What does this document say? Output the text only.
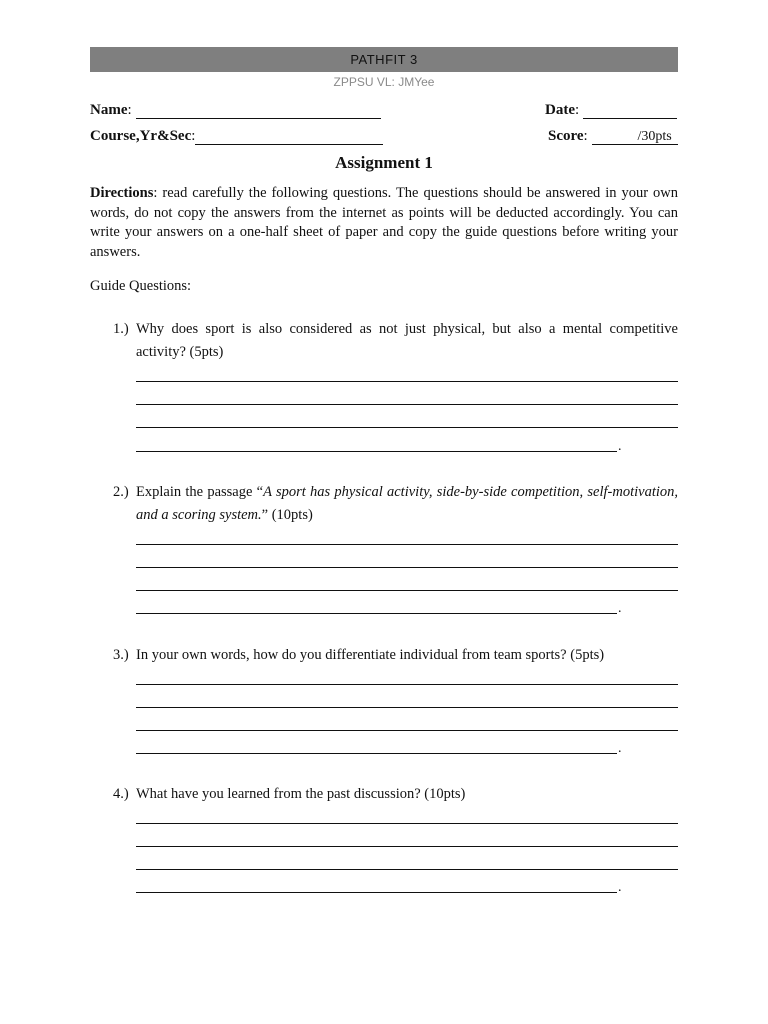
PATHFIT 3
ZPPSU VL: JMYee
Name :	Date :
Course,Yr&Sec :	Score :	/30pts
Assignment 1

Directions: read carefully the following questions. The questions should be answered in your own words, do not copy the answers from the internet as points will be deducted accordingly. You can write your answers on a one-half sheet of paper and copy the guide questions before writing your answers.

Guide Questions:
1.) Why does sport is also considered as not just physical, but also a mental competitive activity? (5pts)

.
2.) Explain the passage “A sport has physical activity, side-by-side competition, self-motivation, and a scoring system.” (10pts)

.
3.) In your own words, how do you differentiate individual from team sports? (5pts)

.
4.) What have you learned from the past discussion? (10pts)

.
